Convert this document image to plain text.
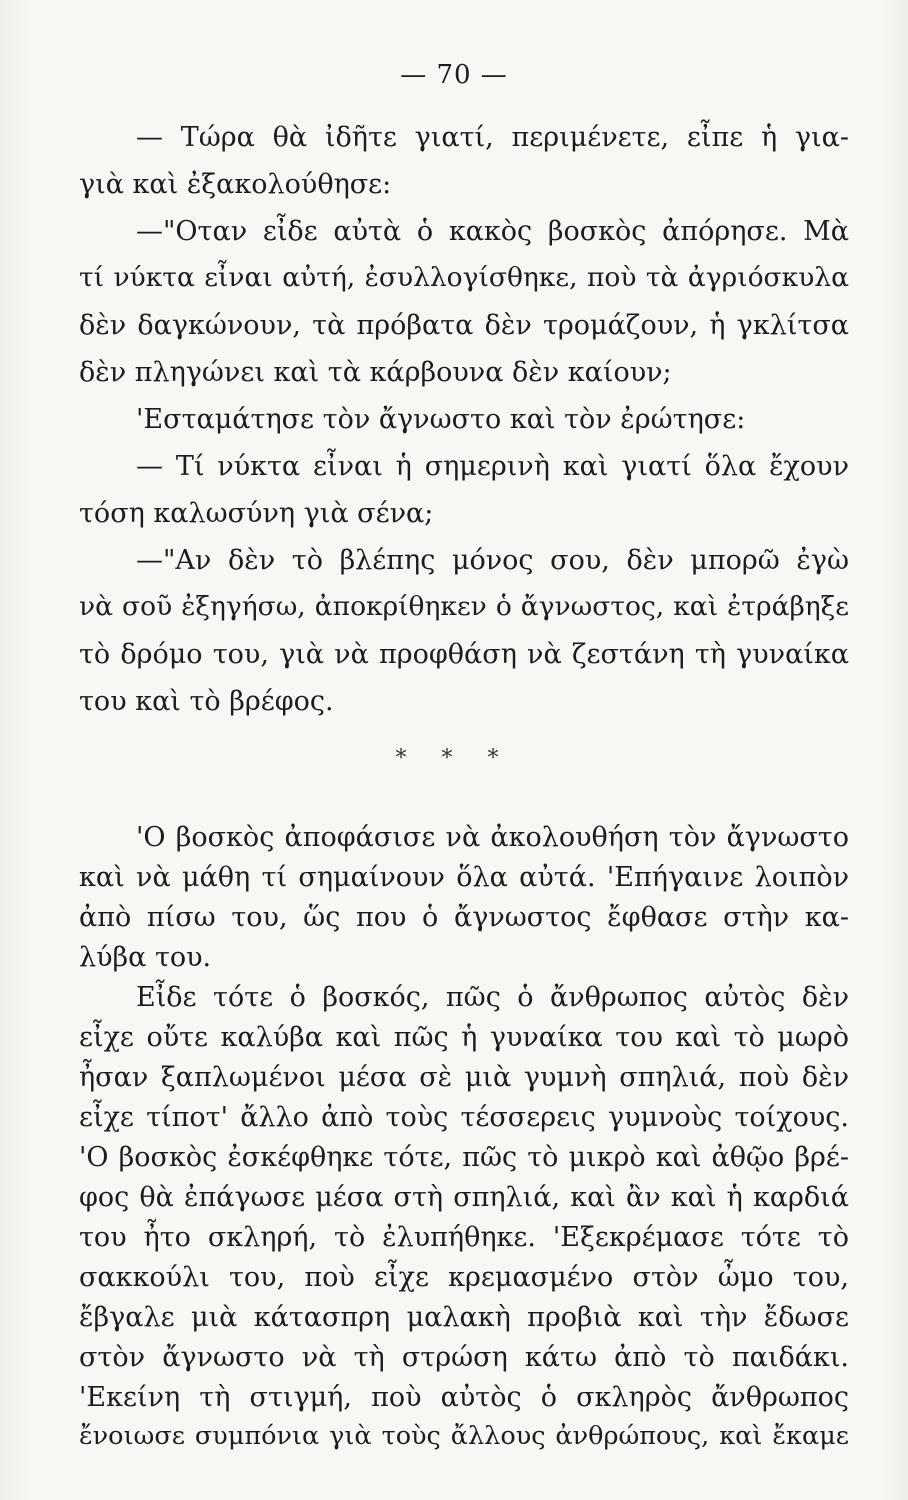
— 70 —
— Τώρα θὰ ἰδῆτε γιατί, περιμένετε, εἶπε ἡ για-
γιὰ καὶ ἐξακολούθησε:
—"Οταν εἶδε αὐτὰ ὁ κακὸς βοσκὸς ἀπόρησε. Μὰ
τί νύκτα εἶναι αὐτή, ἐσυλλογίσθηκε, ποὺ τὰ ἀγριόσκυλα
δὲν δαγκώνουν, τὰ πρόβατα δὲν τρομάζουν, ἡ γκλίτσα
δὲν πληγώνει καὶ τὰ κάρβουνα δὲν καίουν;
'Εσταμάτησε τὸν ἄγνωστο καὶ τὸν ἐρώτησε:
— Τί νύκτα εἶναι ἡ σημερινὴ καὶ γιατί ὅλα ἔχουν
τόση καλωσύνη γιὰ σένα;
—"Αν δὲν τὸ βλέπης μόνος σου, δὲν μπορῶ ἐγὼ
νὰ σοῦ ἐξηγήσω, ἀποκρίθηκεν ὁ ἄγνωστος, καὶ ἐτράβηξε
τὸ δρόμο του, γιὰ νὰ προφθάση νὰ ζεστάνη τὴ γυναίκα
του καὶ τὸ βρέφος.
* * *
'Ο βοσκὸς ἀποφάσισε νὰ ἀκολουθήση τὸν ἄγνωστο
καὶ νὰ μάθη τί σημαίνουν ὅλα αὐτά. 'Επήγαινε λοιπὸν
ἀπὸ πίσω του, ὥς που ὁ ἄγνωστος ἔφθασε στὴν κα-
λύβα του.
Εἶδε τότε ὁ βοσκός, πῶς ὁ ἄνθρωπος αὐτὸς δὲν
εἶχε οὔτε καλύβα καὶ πῶς ἡ γυναίκα του καὶ τὸ μωρὸ
ἦσαν ξαπλωμένοι μέσα σὲ μιὰ γυμνὴ σπηλιά, ποὺ δὲν
εἶχε τίποτ' ἄλλο ἀπὸ τοὺς τέσσερεις γυμνοὺς τοίχους.
'Ο βοσκὸς ἐσκέφθηκε τότε, πῶς τὸ μικρὸ καὶ ἀθῷο βρέ-
φος θὰ ἐπάγωσε μέσα στὴ σπηλιά, καὶ ἂν καὶ ἡ καρδιά
του ἦτο σκληρή, τὸ ἐλυπήθηκε. 'Εξεκρέμασε τότε τὸ
σακκούλι του, ποὺ εἶχε κρεμασμένο στὸν ὦμο του,
ἔβγαλε μιὰ κάτασπρη μαλακὴ προβιὰ καὶ τὴν ἔδωσε
στὸν ἄγνωστο νὰ τὴ στρώση κάτω ἀπὸ τὸ παιδάκι.
'Εκείνη τὴ στιγμή, ποὺ αὐτὸς ὁ σκληρὸς ἄνθρωπος
ἔνοιωσε συμπόνια γιὰ τοὺς ἄλλους ἀνθρώπους, καὶ ἔκαμε
